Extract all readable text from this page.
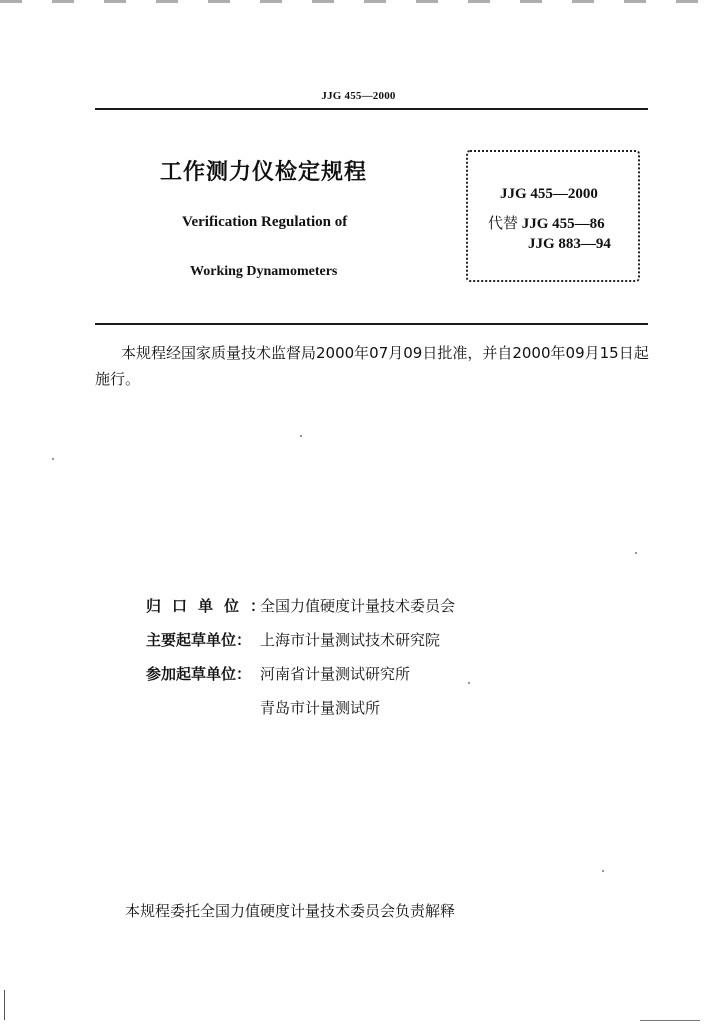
JJG 455—2000
工作测力仪检定规程
Verification Regulation of
Working Dynamometers
JJG 455—2000
代替 JJG 455—86
JJG 883—94
本规程经国家质量技术监督局2000年07月09日批准，并自2000年09月15日起施行。
归口单位：
全国力值硬度计量技术委员会
主要起草单位： 上海市计量测试技术研究院
参加起草单位： 河南省计量测试研究所
青岛市计量测试所
本规程委托全国力值硬度计量技术委员会负责解释
